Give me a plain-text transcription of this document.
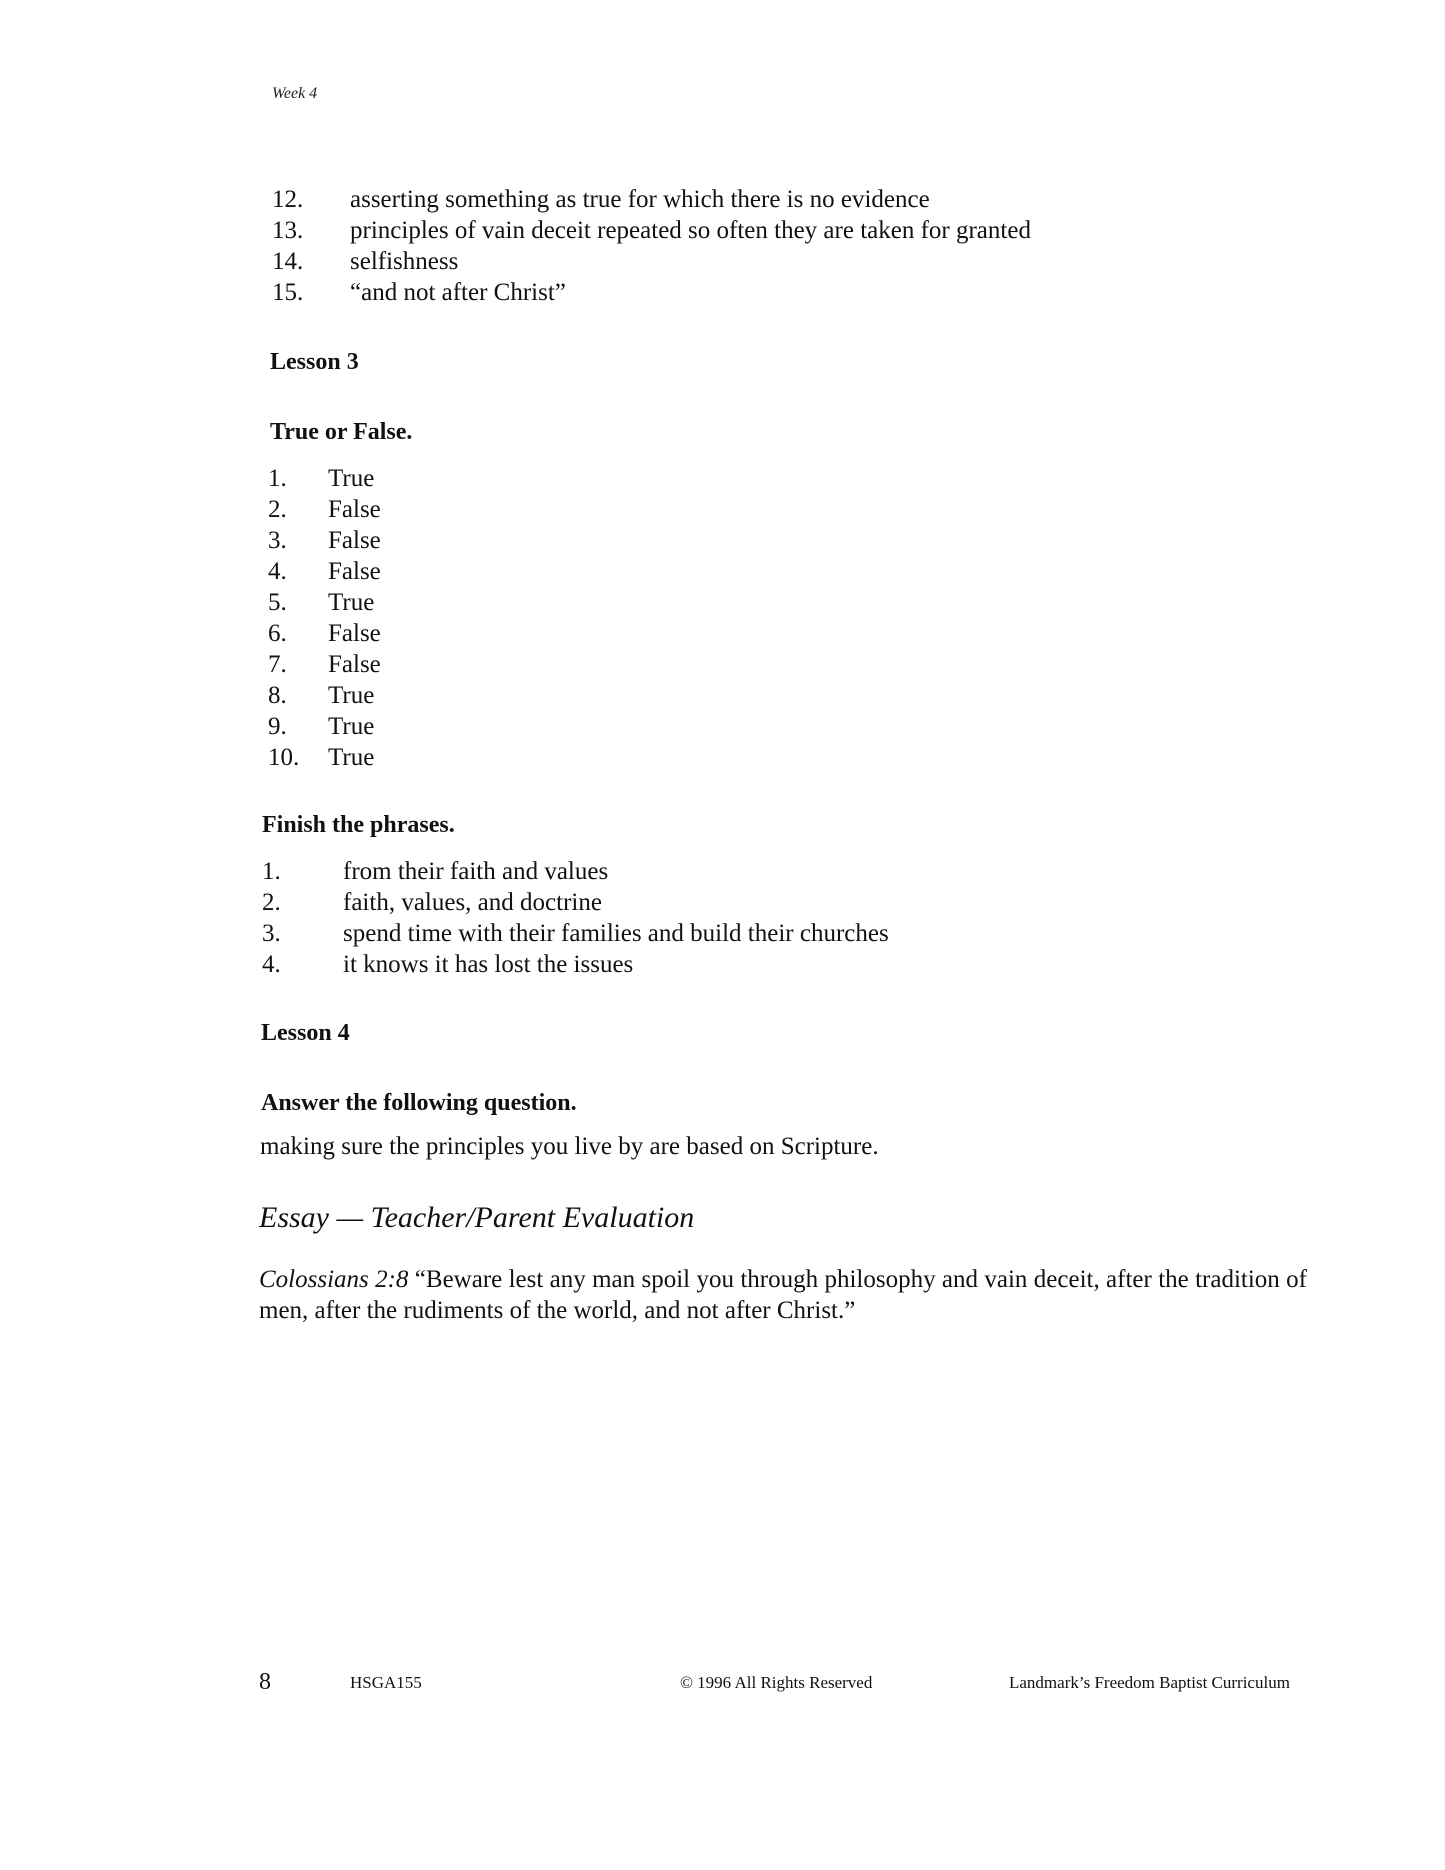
Week 4
12.	asserting something as true for which there is no evidence
13.	principles of vain deceit repeated so often they are taken for granted
14.	selfishness
15.	“and not after Christ”
Lesson 3
True or False.
1.	True
2.	False
3.	False
4.	False
5.	True
6.	False
7.	False
8.	True
9.	True
10.	True
Finish the phrases.
1.	from their faith and values
2.	faith, values, and doctrine
3.	spend time with their families and build their churches
4.	it knows it has lost the issues
Lesson 4
Answer the following question.
making sure the principles you live by are based on Scripture.
Essay — Teacher/Parent Evaluation
Colossians 2:8 “Beware lest any man spoil you through philosophy and vain deceit, after the tradition of men, after the rudiments of the world, and not after Christ.”
8	HSGA155	© 1996 All Rights Reserved	Landmark’s Freedom Baptist Curriculum
